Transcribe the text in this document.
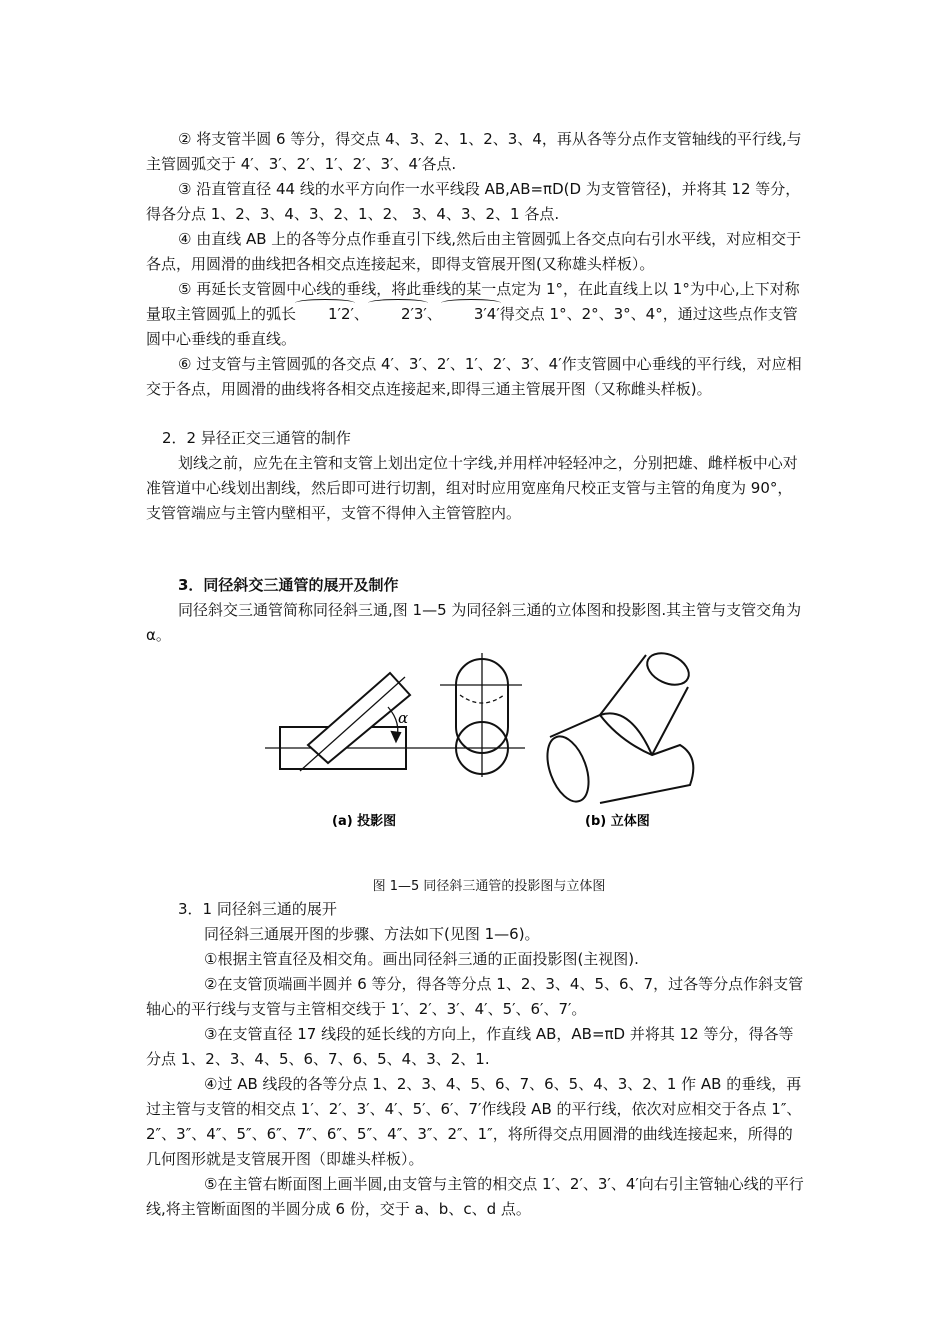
② 将支管半圆 6 等分，得交点 4、3、2、1、2、3、4，再从各等分点作支管轴线的平行线,与主管圆弧交于 4′、3′、2′、1′、2′、3′、4′各点.

③ 沿直管直径 44 线的水平方向作一水平线段 AB,AB=πD(D 为支管管径)，并将其 12 等分，得各分点 1、2、3、4、3、2、1、2、 3、4、3、2、1 各点.

④ 由直线 AB 上的各等分点作垂直引下线,然后由主管圆弧上各交点向右引水平线，对应相交于各点，用圆滑的曲线把各相交点连接起来，即得支管展开图(又称雄头样板）。

⑤ 再延长支管圆中心线的垂线，将此垂线的某一点定为 1°，在此直线上以 1°为中心,上下对称量取主管圆弧上的弧长 1′2′、 2′3′、 3′4′得交点 1°、2°、3°、4°，通过这些点作支管圆中心垂线的垂直线。

⑥ 过支管与主管圆弧的各交点 4′、3′、2′、1′、2′、3′、4′作支管圆中心垂线的平行线，对应相交于各点，用圆滑的曲线将各相交点连接起来,即得三通主管展开图（又称雌头样板)。

2．2 异径正交三通管的制作

划线之前，应先在主管和支管上划出定位十字线,并用样冲轻轻冲之，分别把雄、雌样板中心对准管道中心线划出割线，然后即可进行切割，组对时应用宽座角尺校正支管与主管的角度为 90°，支管管端应与主管内壁相平，支管不得伸入主管管腔内。

3．同径斜交三通管的展开及制作

同径斜交三通管简称同径斜三通,图 1—5 为同径斜三通的立体图和投影图.其主管与支管交角为 α。

α
(a) 投影图	(b) 立体图
图 1—5 同径斜三通管的投影图与立体图

3．1 同径斜三通的展开

同径斜三通展开图的步骤、方法如下(见图 1—6)。

①根据主管直径及相交角。画出同径斜三通的正面投影图(主视图).

②在支管顶端画半圆并 6 等分，得各等分点 1、2、3、4、5、6、7，过各等分点作斜支管轴心的平行线与支管与主管相交线于 1′、2′、3′、4′、5′、6′、7′。

③在支管直径 17 线段的延长线的方向上，作直线 AB，AB=πD 并将其 12 等分，得各等分点 1、2、3、4、5、6、7、6、5、4、3、2、1.

④过 AB 线段的各等分点 1、2、3、4、5、6、7、6、5、4、3、2、1 作 AB 的垂线，再过主管与支管的相交点 1′、2′、3′、4′、5′、6′、7′作线段 AB 的平行线，依次对应相交于各点 1″、2″、3″、4″、5″、6″、7″、6″、5″、4″、3″、2″、1″，将所得交点用圆滑的曲线连接起来，所得的几何图形就是支管展开图（即雄头样板）。

⑤在主管右断面图上画半圆,由支管与主管的相交点 1′、2′、3′、4′向右引主管轴心线的平行线,将主管断面图的半圆分成 6 份，交于 a、b、c、d 点。
